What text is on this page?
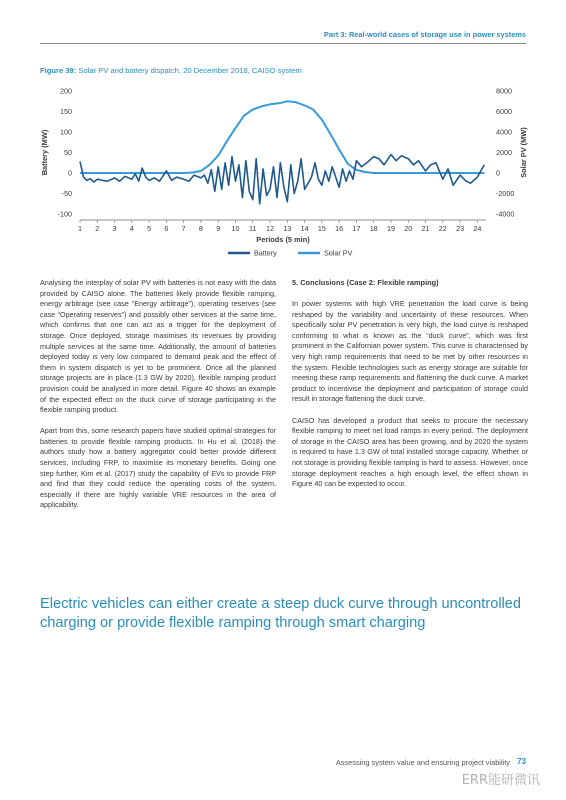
Part 3: Real-world cases of storage use in power systems
Figure 39: Solar PV and battery dispatch, 20 December 2018, CAISO system
-100
-50
0
50
100
150
200
-4000
-2000
0
2000
4000
6000
8000
1 2 3 4 5 6 7 8 9 10 11 12 13 14 15 16 17 18 19 20 21 22 23 24
Periods (5 min)
Battery (MW)	Solar PV (MW)
Battery	Solar PV

Analysing the interplay of solar PV with batteries is not easy with the data provided by CAISO alone. The batteries likely provide flexible ramping, energy arbitrage (see case “Energy arbitrage”), operating reserves (see case “Operating reserves”) and possibly other services at the same time, which confirms that one can act as a trigger for the deployment of storage. Once deployed, storage maximises its revenues by providing multiple services at the same time. Additionally, the amount of batteries deployed today is very low compared to demand peak and the effect of them in system dispatch is yet to be prominent. Once all the planned storage projects are in place (1.3 GW by 2020), flexible ramping product provision could be analysed in more detail. Figure 40 shows an example of the expected effect on the duck curve of storage participating in the flexible ramping product.

Apart from this, some research papers have studied optimal strategies for batteries to provide flexible ramping products. In Hu et al. (2018) the authors study how a battery aggregator could better provide different services, including FRP, to maximise its monetary benefits. Going one step further, Kim et al. (2017) study the capability of EVs to provide FRP and find that they could reduce the operating costs of the system, especially if there are highly variable VRE resources in the area of applicability.

5. Conclusions (Case 2: Flexible ramping)

In power systems with high VRE penetration the load curve is being reshaped by the variability and uncertainty of these resources. When specifically solar PV penetration is very high, the load curve is reshaped conforming to what is known as the “duck curve”, which was first prominent in the Californian power system. This curve is characterised by very high ramp requirements that need to be met by other resources in the system. Flexible technologies such as energy storage are suitable for meeting these ramp requirements and flattening the duck curve. A market product to incentivise the deployment and participation of storage could result in storage flattening the duck curve.

CAISO has developed a product that seeks to procure the necessary flexible ramping to meet net load ramps in every period. The deployment of storage in the CAISO area has been growing, and by 2020 the system is required to have 1.3 GW of total installed storage capacity. Whether or not storage is providing flexible ramping is hard to assess. However, once storage deployment reaches a high enough level, the effect shown in Figure 40 can be expected to occur.

Electric vehicles can either create a steep duck curve through uncontrolled charging or provide flexible ramping through smart charging
Assessing system value and ensuring project viability 73
ERR能研微讯
